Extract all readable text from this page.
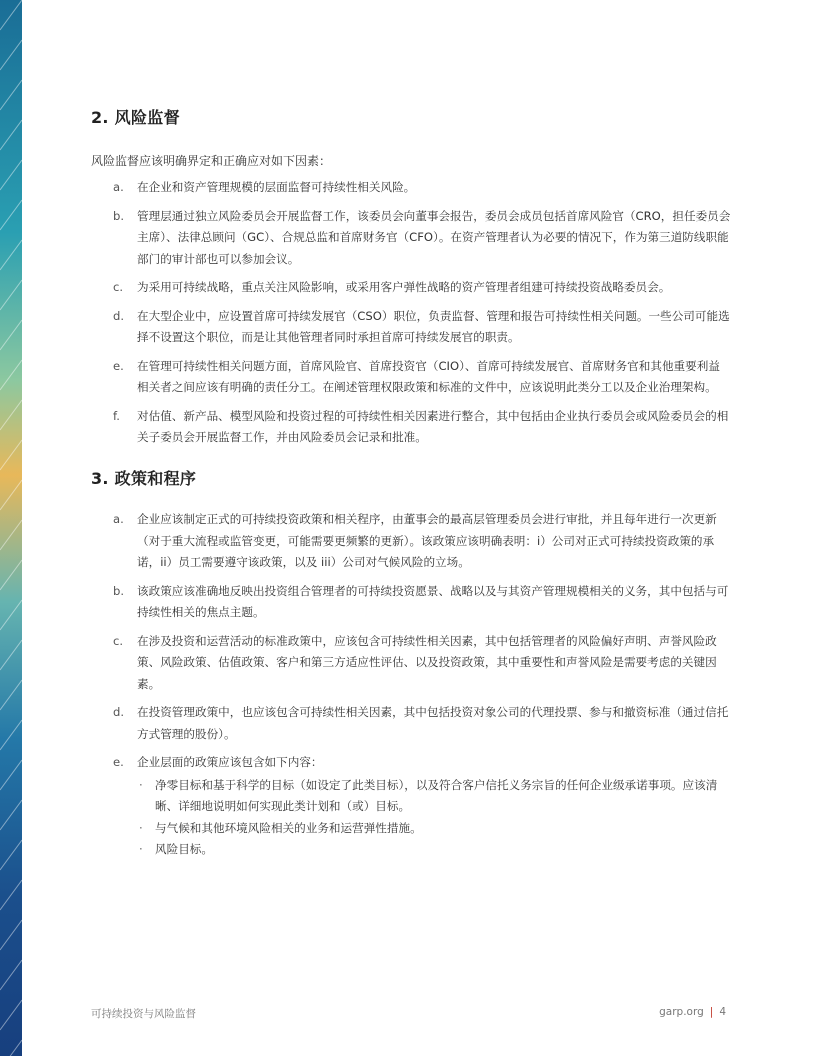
2. 风险监督

风险监督应该明确界定和正确应对如下因素：

a. 在企业和资产管理规模的层面监督可持续性相关风险。
b. 管理层通过独立风险委员会开展监督工作，该委员会向董事会报告，委员会成员包括首席风险官（CRO，担任委员会主席）、法律总顾问（GC）、合规总监和首席财务官（CFO）。在资产管理者认为必要的情况下，作为第三道防线职能部门的审计部也可以参加会议。
c. 为采用可持续战略，重点关注风险影响，或采用客户弹性战略的资产管理者组建可持续投资战略委员会。
d. 在大型企业中，应设置首席可持续发展官（CSO）职位，负责监督、管理和报告可持续性相关问题。一些公司可能选择不设置这个职位，而是让其他管理者同时承担首席可持续发展官的职责。
e. 在管理可持续性相关问题方面，首席风险官、首席投资官（CIO）、首席可持续发展官、首席财务官和其他重要利益相关者之间应该有明确的责任分工。在阐述管理权限政策和标准的文件中，应该说明此类分工以及企业治理架构。
f. 对估值、新产品、模型风险和投资过程的可持续性相关因素进行整合，其中包括由企业执行委员会或风险委员会的相关子委员会开展监督工作，并由风险委员会记录和批准。
3. 政策和程序
a. 企业应该制定正式的可持续投资政策和相关程序，由董事会的最高层管理委员会进行审批，并且每年进行一次更新（对于重大流程或监管变更，可能需要更频繁的更新）。该政策应该明确表明：i）公司对正式可持续投资政策的承诺，ii）员工需要遵守该政策，以及 iii）公司对气候风险的立场。
b. 该政策应该准确地反映出投资组合管理者的可持续投资愿景、战略以及与其资产管理规模相关的义务，其中包括与可持续性相关的焦点主题。
c. 在涉及投资和运营活动的标准政策中，应该包含可持续性相关因素，其中包括管理者的风险偏好声明、声誉风险政策、风险政策、估值政策、客户和第三方适应性评估、以及投资政策，其中重要性和声誉风险是需要考虑的关键因素。
d. 在投资管理政策中，也应该包含可持续性相关因素，其中包括投资对象公司的代理投票、参与和撤资标准（通过信托方式管理的股份）。
e. 企业层面的政策应该包含如下内容：
· 净零目标和基于科学的目标（如设定了此类目标），以及符合客户信托义务宗旨的任何企业级承诺事项。应该清晰、详细地说明如何实现此类计划和（或）目标。
· 与气候和其他环境风险相关的业务和运营弹性措施。
· 风险目标。
可持续投资与风险监督	garp.org | 4
